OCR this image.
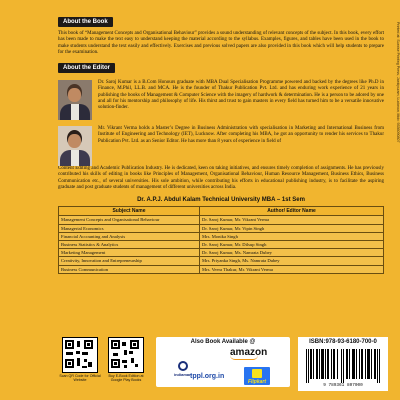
About the Book
This book of “Management Concepts and Organisational Behaviour” provides a sound understanding of relevant concepts of the subject. In this book, every effort has been made to make the text easy to understand keeping the material according to the syllabus. Examples, figures, and tables have been used in the book to make students understand the text easily and effectively. Exercises and previous solved papers are also provided in this book which will help students to prepare for the examination.
About the Editor
Dr. Saroj Kumar is a B.Com Honours graduate with MBA Dual Specialisation Programme powered and backed by the degrees like Ph.D in Finance, M.Phil, LL.B. and MCA. He is the founder of Thakur Publication Pvt. Ltd. and has enduring work experience of 21 years in publishing the books of Management & Computer Science with the imagery of hardwork & determination. He is a person to be adored by one and all for his mentorship and philosophy of life. His thirst and trust to gain masters in every field has turned him to be a versatile innovative solution-finder.
Mr. Vikrant Verma holds a Master’s Degree in Business Administration with specialisation in Marketing and International Business from Institute of Engineering and Technology (IET), Lucknow. After completing his MBA, he got an opportunity to render his services to Thakur Publication Pvt. Ltd. as an Senior Editor. He has more than 8 years of experience in field of
Content Editing and Academic Publication Industry. He is dedicated, keen on taking initiatives, and ensures timely completion of assignments. He has previously contributed his skills of editing in books like Principles of Management, Organisational Behaviour, Human Resource Management, Business Ethics, Business Communication etc., of several universities. His sole ambition, while contributing his efforts in educational publishing industry, is to facilitate the aspiring graduate and post graduate students of management of different universities across India.
Dr. A.P.J. Abdul Kalam Technical University MBA – 1st Sem
Subject Name	Author/ Editor Name
Management Concepts and Organisational Behaviour	Dr. Saroj Kumar, Mr. Vikrant Verma
Managerial Economics	Dr. Saroj Kumar, Mr. Vipin Singh
Financial Accounting and Analysis	Mrs. Monika Singh
Business Statistics & Analytics	Dr. Saroj Kumar, Mr. Dilsup Singh
Marketing Management	Dr. Saroj Kumar, Ms. Namrata Dubey
Creativity, Innovation and Entrepreneurship	Mrs. Priyanka Singh, Ms. Namrata Dubey
Business Communication	Mrs. Veera Thakur, Mr. Vikrant Verma
Printed at: Sunrise Printing Press, Jankipuram, Lucknow, Mob: 9336090807
Scan QR Code for Official Website
Buy E-Book Edition at Google Play Books
Also Book Available @
amazon
indiamart
tppl.org.in
Flipkart
ISBN:978-93-6180-700-0
9 789361 807000
